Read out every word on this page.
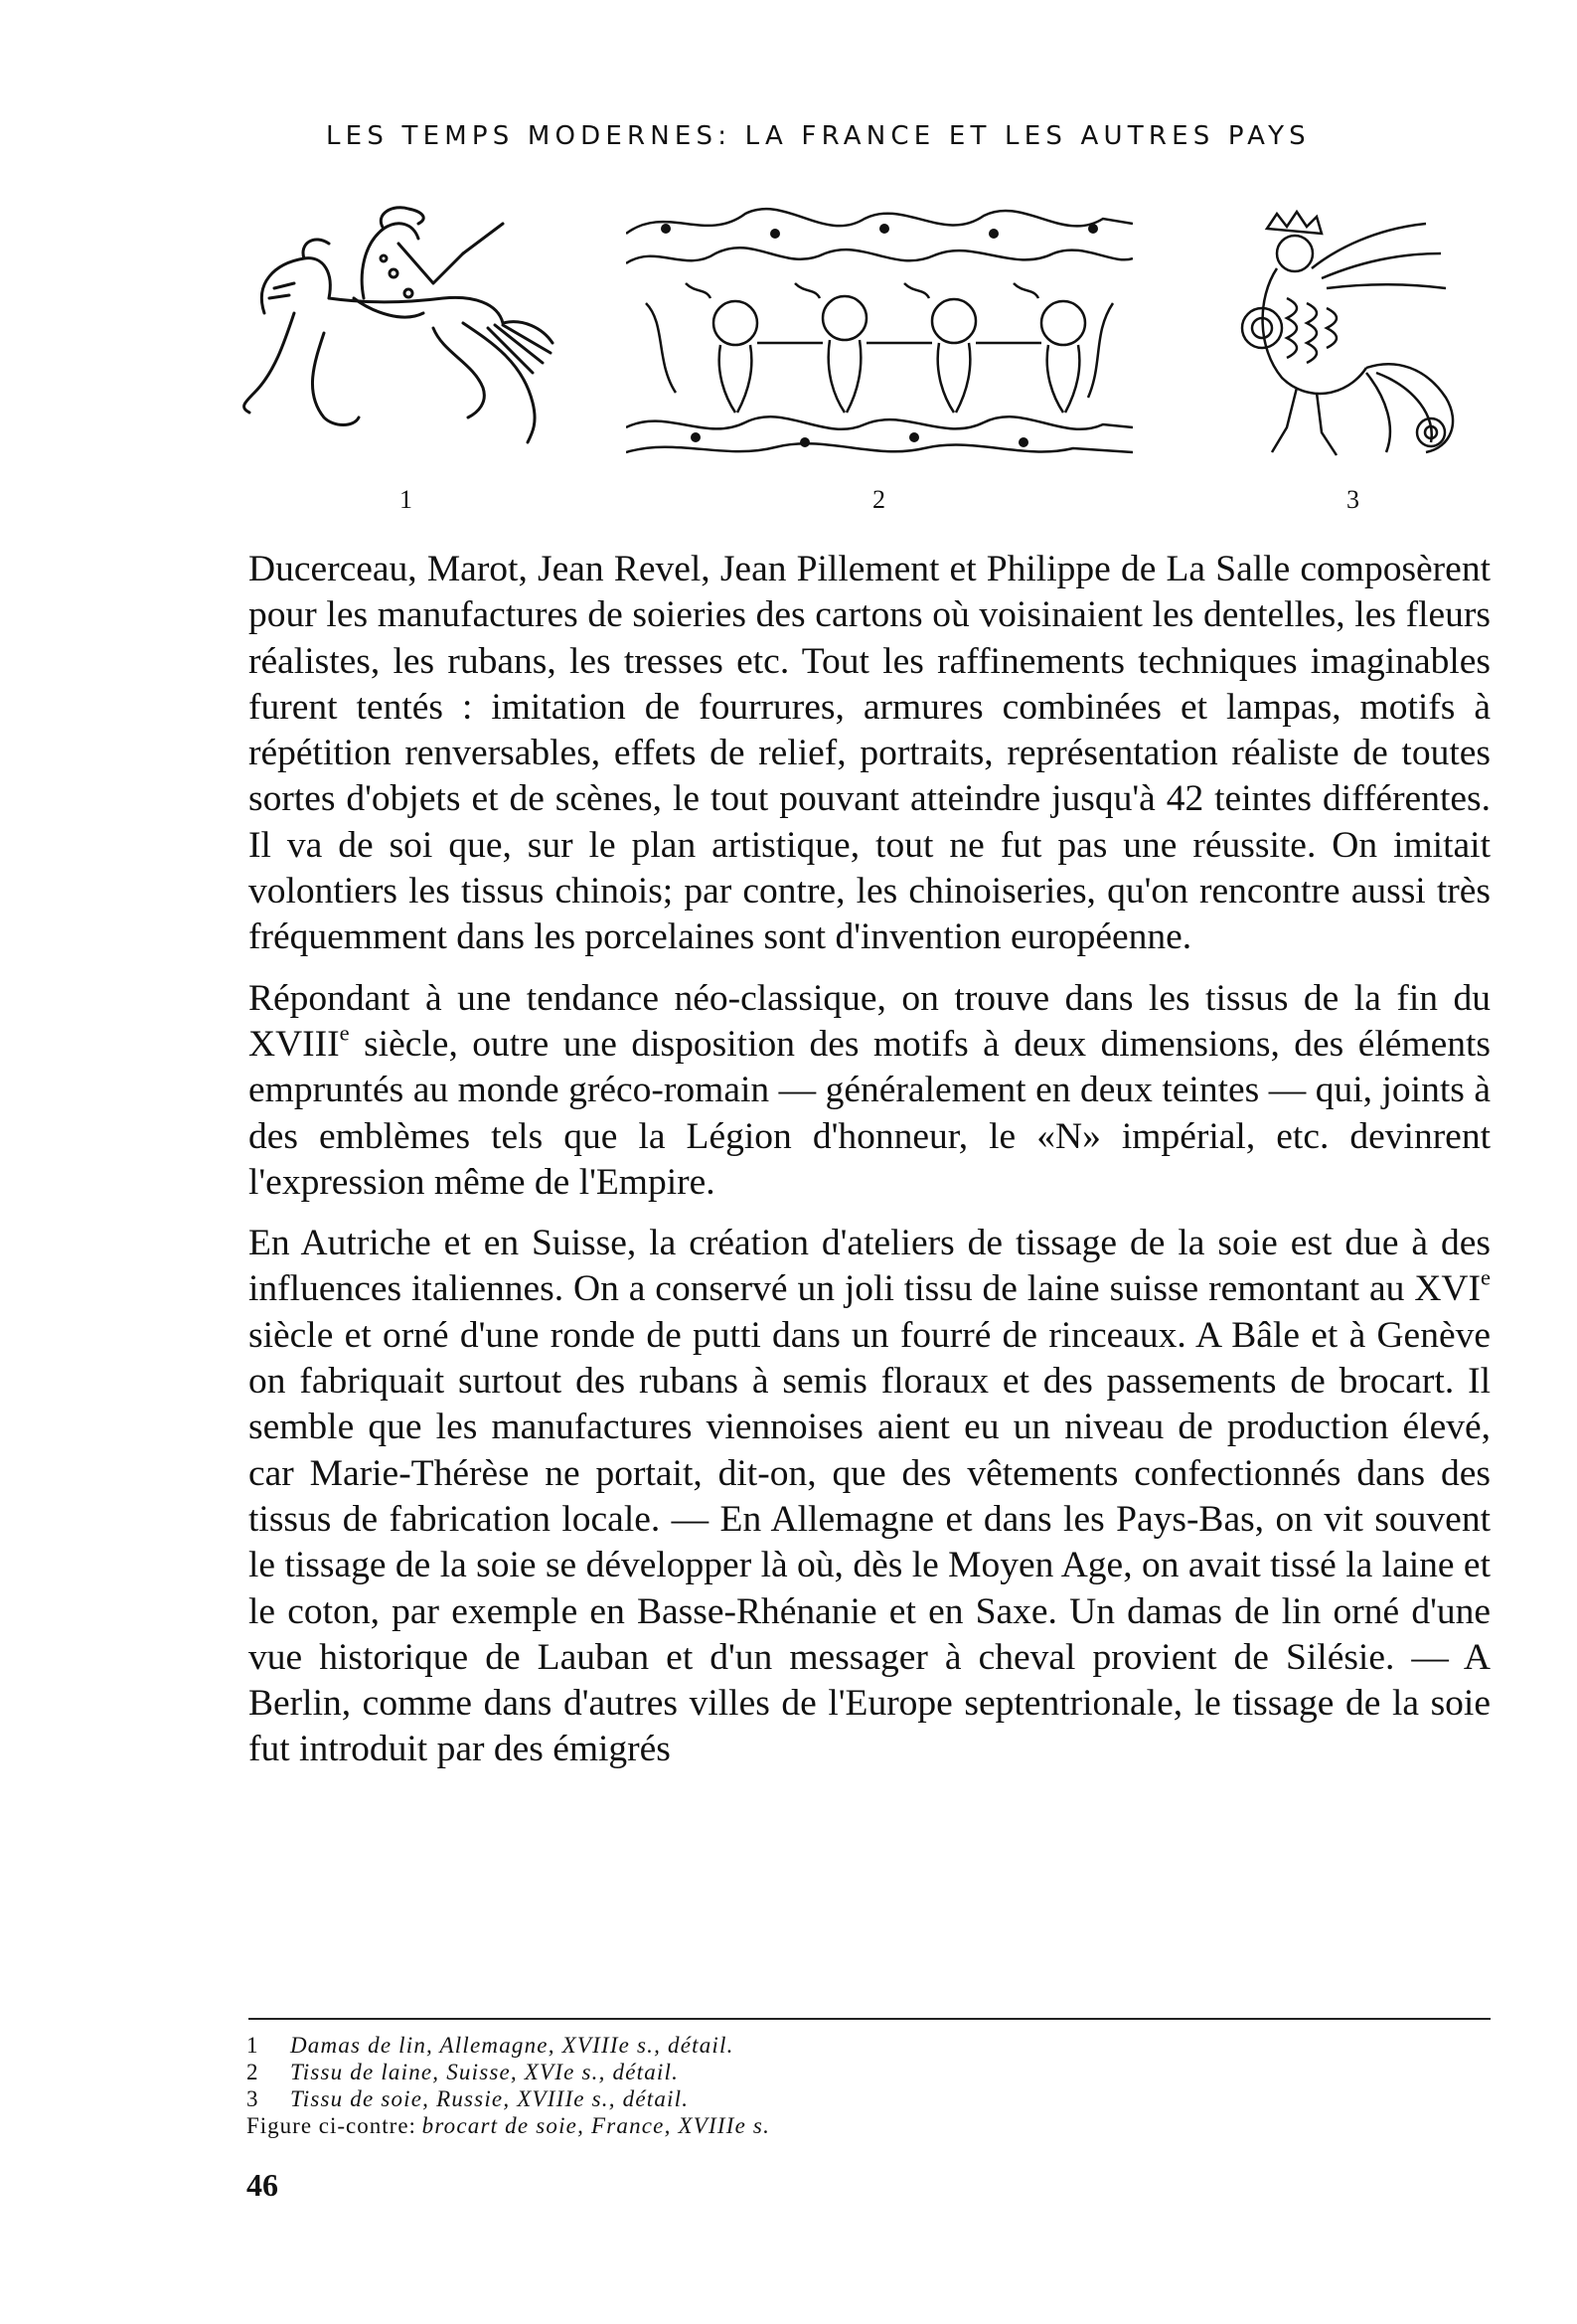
LES TEMPS MODERNES: LA FRANCE ET LES AUTRES PAYS
1	2	3

Ducerceau, Marot, Jean Revel, Jean Pillement et Philippe de La Salle composèrent pour les manufactures de soieries des cartons où voisinaient les dentelles, les fleurs réalistes, les rubans, les tresses etc. Tout les raffinements techniques imaginables furent tentés : imitation de fourrures, armures combinées et lampas, motifs à répétition renversables, effets de relief, portraits, représentation réaliste de toutes sortes d'objets et de scènes, le tout pouvant atteindre jusqu'à 42 teintes différentes. Il va de soi que, sur le plan artistique, tout ne fut pas une réussite. On imitait volontiers les tissus chinois; par contre, les chinoiseries, qu'on rencontre aussi très fréquemment dans les porcelaines sont d'invention européenne.

Répondant à une tendance néo-classique, on trouve dans les tissus de la fin du XVIIIe siècle, outre une disposition des motifs à deux dimensions, des éléments empruntés au monde gréco-romain — généralement en deux teintes — qui, joints à des emblèmes tels que la Légion d'honneur, le «N» impérial, etc. devinrent l'expression même de l'Empire.

En Autriche et en Suisse, la création d'ateliers de tissage de la soie est due à des influences italiennes. On a conservé un joli tissu de laine suisse remontant au XVIe siècle et orné d'une ronde de putti dans un fourré de rinceaux. A Bâle et à Genève on fabriquait surtout des rubans à semis floraux et des passements de brocart. Il semble que les manufactures viennoises aient eu un niveau de production élevé, car Marie-Thérèse ne portait, dit-on, que des vêtements confectionnés dans des tissus de fabrication locale. — En Allemagne et dans les Pays-Bas, on vit souvent le tissage de la soie se développer là où, dès le Moyen Age, on avait tissé la laine et le coton, par exemple en Basse-Rhénanie et en Saxe. Un damas de lin orné d'une vue historique de Lauban et d'un messager à cheval provient de Silésie. — A Berlin, comme dans d'autres villes de l'Europe septentrionale, le tissage de la soie fut introduit par des émigrés

1 Damas de lin, Allemagne, XVIIIe s., détail.
2 Tissu de laine, Suisse, XVIe s., détail.
3 Tissu de soie, Russie, XVIIIe s., détail.
Figure ci-contre: brocart de soie, France, XVIIIe s.
46
